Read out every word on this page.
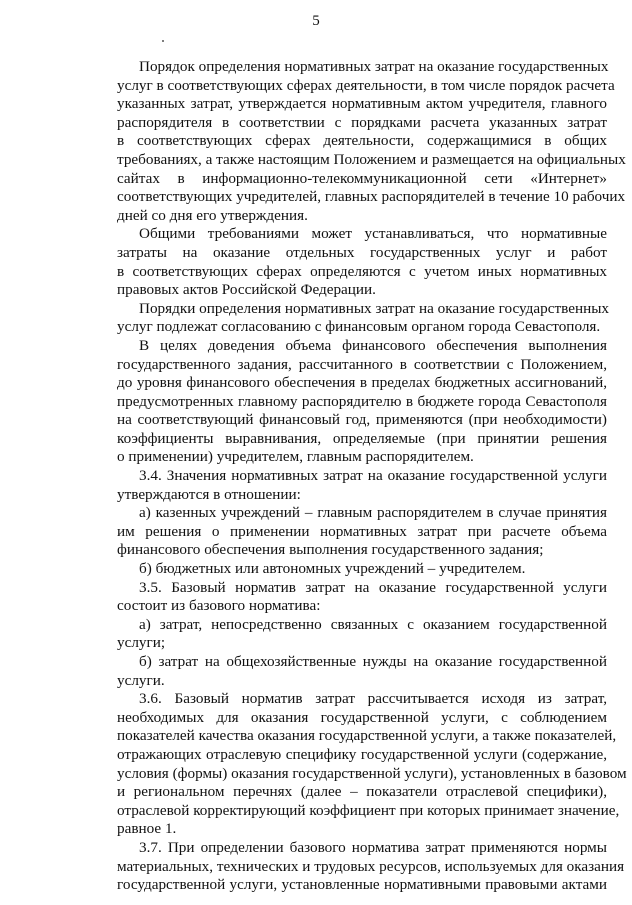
5
Порядок определения нормативных затрат на оказание государственных
услуг в соответствующих сферах деятельности, в том числе порядок расчета
указанных затрат, утверждается нормативным актом учредителя, главного
распорядителя в соответствии с порядками расчета указанных затрат
в соответствующих сферах деятельности, содержащимися в общих
требованиях, а также настоящим Положением и размещается на официальных
сайтах в информационно-телекоммуникационной сети «Интернет»
соответствующих учредителей, главных распорядителей в течение 10 рабочих
дней со дня его утверждения.
Общими требованиями может устанавливаться, что нормативные
затраты на оказание отдельных государственных услуг и работ
в соответствующих сферах определяются с учетом иных нормативных
правовых актов Российской Федерации.
Порядки определения нормативных затрат на оказание государственных
услуг подлежат согласованию с финансовым органом города Севастополя.
В целях доведения объема финансового обеспечения выполнения
государственного задания, рассчитанного в соответствии с Положением,
до уровня финансового обеспечения в пределах бюджетных ассигнований,
предусмотренных главному распорядителю в бюджете города Севастополя
на соответствующий финансовый год, применяются (при необходимости)
коэффициенты выравнивания, определяемые (при принятии решения
о применении) учредителем, главным распорядителем.
3.4. Значения нормативных затрат на оказание государственной услуги
утверждаются в отношении:
а) казенных учреждений – главным распорядителем в случае принятия
им решения о применении нормативных затрат при расчете объема
финансового обеспечения выполнения государственного задания;
б) бюджетных или автономных учреждений – учредителем.
3.5. Базовый норматив затрат на оказание государственной услуги
состоит из базового норматива:
а) затрат, непосредственно связанных с оказанием государственной
услуги;
б) затрат на общехозяйственные нужды на оказание государственной
услуги.
3.6. Базовый норматив затрат рассчитывается исходя из затрат,
необходимых для оказания государственной услуги, с соблюдением
показателей качества оказания государственной услуги, а также показателей,
отражающих отраслевую специфику государственной услуги (содержание,
условия (формы) оказания государственной услуги), установленных в базовом
и региональном перечнях (далее – показатели отраслевой специфики),
отраслевой корректирующий коэффициент при которых принимает значение,
равное 1.
3.7. При определении базового норматива затрат применяются нормы
материальных, технических и трудовых ресурсов, используемых для оказания
государственной услуги, установленные нормативными правовыми актами
